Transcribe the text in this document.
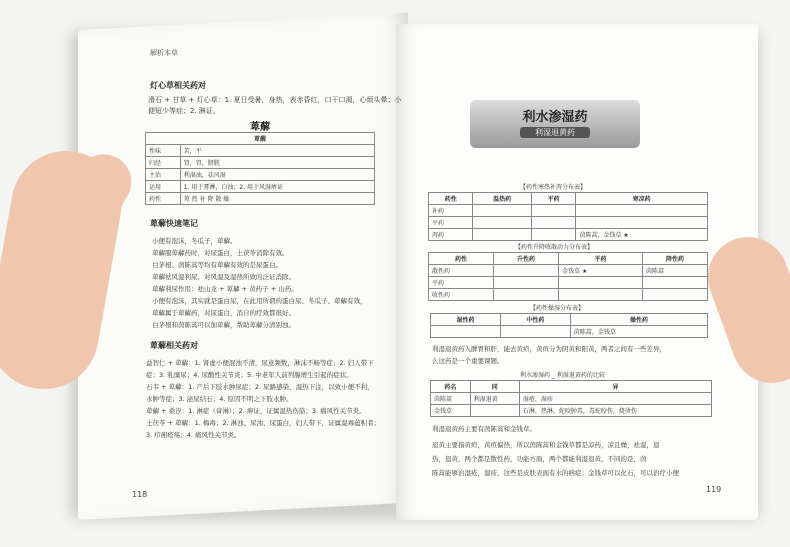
解析本草
灯心草相关药对
滑石 + 甘草 + 灯心草：1. 夏日受暑，身热，表赤昏红，口干口渴，心烦头晕；小
便短少等症；2. 淋证。
萆薢
萆薢	
性味	苦，平
归经	肾，胃，膀胱
主治	利湿浊，祛风湿
运用	1. 用于膏淋，白浊；2. 用于风湿痹证
药性	萆 热 补 降 散 燥
萆薢快速笔记
小便有泡沫，冬瓜子，萆薢。
萆薢服萆薢药时，对尿蛋白，土茯苓消除有效。
白茅根、茵陈蒿等均有萆薢有效的是尿蛋白。
萆薢祛风湿利尿，对风湿及湿热所致的泛证消除。
萆薢利尿作用：祛山龙 + 萆薢 + 黄药子 + 山药。
小便有泡沫，其实就是蛋白尿，在此用所谓的蛋白尿、冬瓜子、萆薢有效，
萆薢属于萆薢药，对尿蛋白，消自的疗效都很好。
白茅根和茵陈蒿可以加萆薢，帮助萆薢分清别浊。
萆薢相关药对
益智仁 + 萆薢：1. 肾虚小便混浊不清，尿意频数，淋沫不畅等症；2. 妇人带下
症；3. 乳糜尿；4. 尿酸性关节炎；5. 中老年人前列腺增生引起的症状。
石韦 + 萆薢：1. 产后下肢水肿尿症；2. 尿路感染，湿热下注，以致小便不利，
水肿等症；3. 泌尿结石；4. 原因不明之下肢水肿。
萆薢 + 桑汐：1. 淋症（膏淋）；2. 痹证，证属湿热伤筋；3. 痛风性关节炎。
土茯苓 + 萆薢：1. 梅毒；2. 淋浊、尿浊、尿蛋白，妇人带下，证属湿毒蕴积者；
3. 疖痈疮疡；4. 痛风性关节炎。
118
利水渗湿药
利湿退黄药
【药性寒热补泻分布表】
药性	温热药	平药	寒凉药
补药			
平药			
泻药			茵陈蒿，金钱草 ★
【药性升降收散动力分布表】
药性	升性药	平药	降性药
散性药		金钱草 ★	茵陈蒿
平药			
收性药			
【药性燥湿分布表】
湿性药	中性药	燥性药
		茵陈蒿，金钱草
利湿退黄药入脾胃和肝，能去黄疸，黄疸分为阴黄和阳黄，两者之间有一些差异，
么这药是一个重要课题。
利水渗湿药 _ 利湿退黄药的比较
药名	同	异
茵陈蒿	利湿退黄	湿疮，湿疹
金钱草		石淋，热淋，蛇咬肿毒，毒蛇咬伤，烧烫伤
利湿退黄药主要有茵陈蒿和金钱草。
退黄主要指黄疸，黄疸偏热，所以茵陈蒿和金钱草都是凉药，凉且燥，祛湿，退
热，退黄，两个都是散性药，功能方面，两个都能利湿退黄，不同的是，茵
陈蒿能够治湿疮，湿疹，这些是皮肤表面有水的病症；金钱草可以化石，可以治疗小便
119
